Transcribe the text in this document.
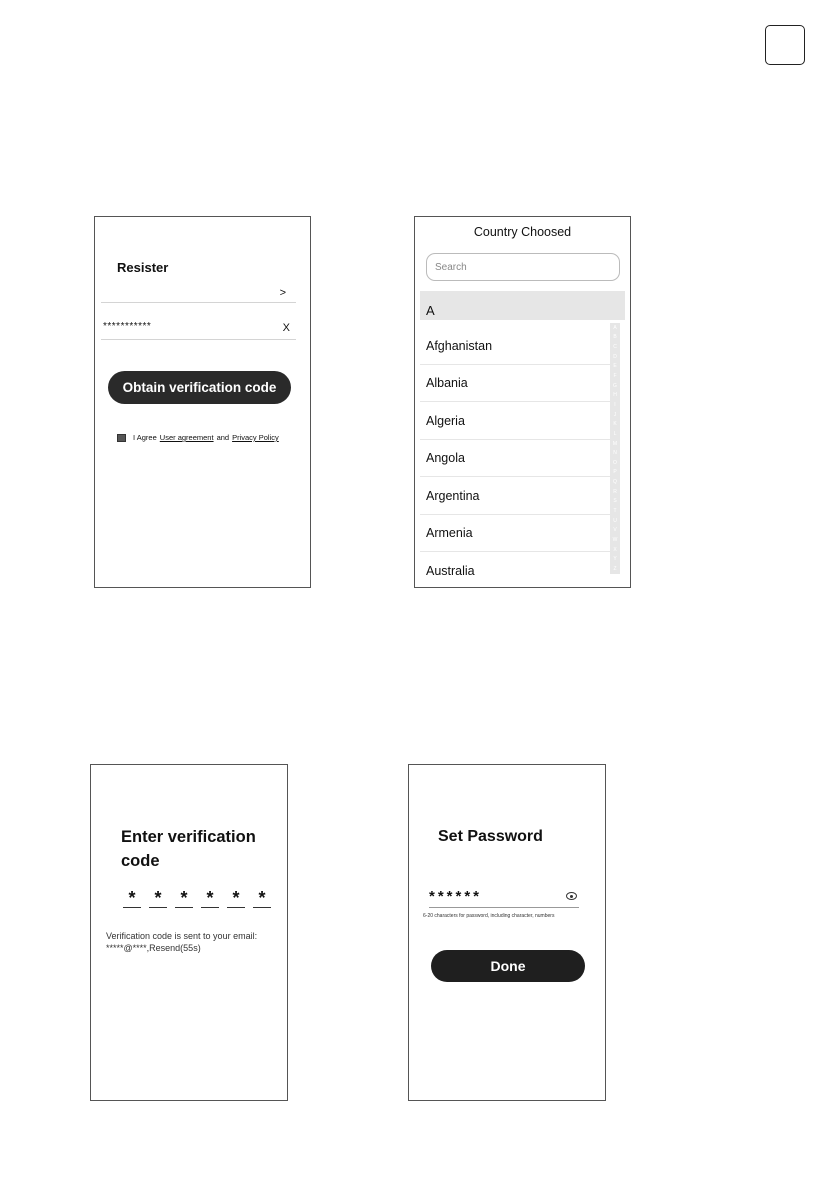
Resister
>
***********	X
Obtain verification code
I Agree User agreement and Privacy Policy
Country Choosed
Search
A
Afghanistan
Albania
Algeria
Angola
Argentina
Armenia
Australia
A
B
C
D
E
F
G
H
I
J
K
L
M
N
O
P
Q
R
S
T
U
V
W
X
Y
Z
Enter verification code
*	*	*	*	*	*
Verification code is sent to your email:
*****@****,Resend(55s)
Set Password
******
6-20 characters for password, including character, numbers
Done
